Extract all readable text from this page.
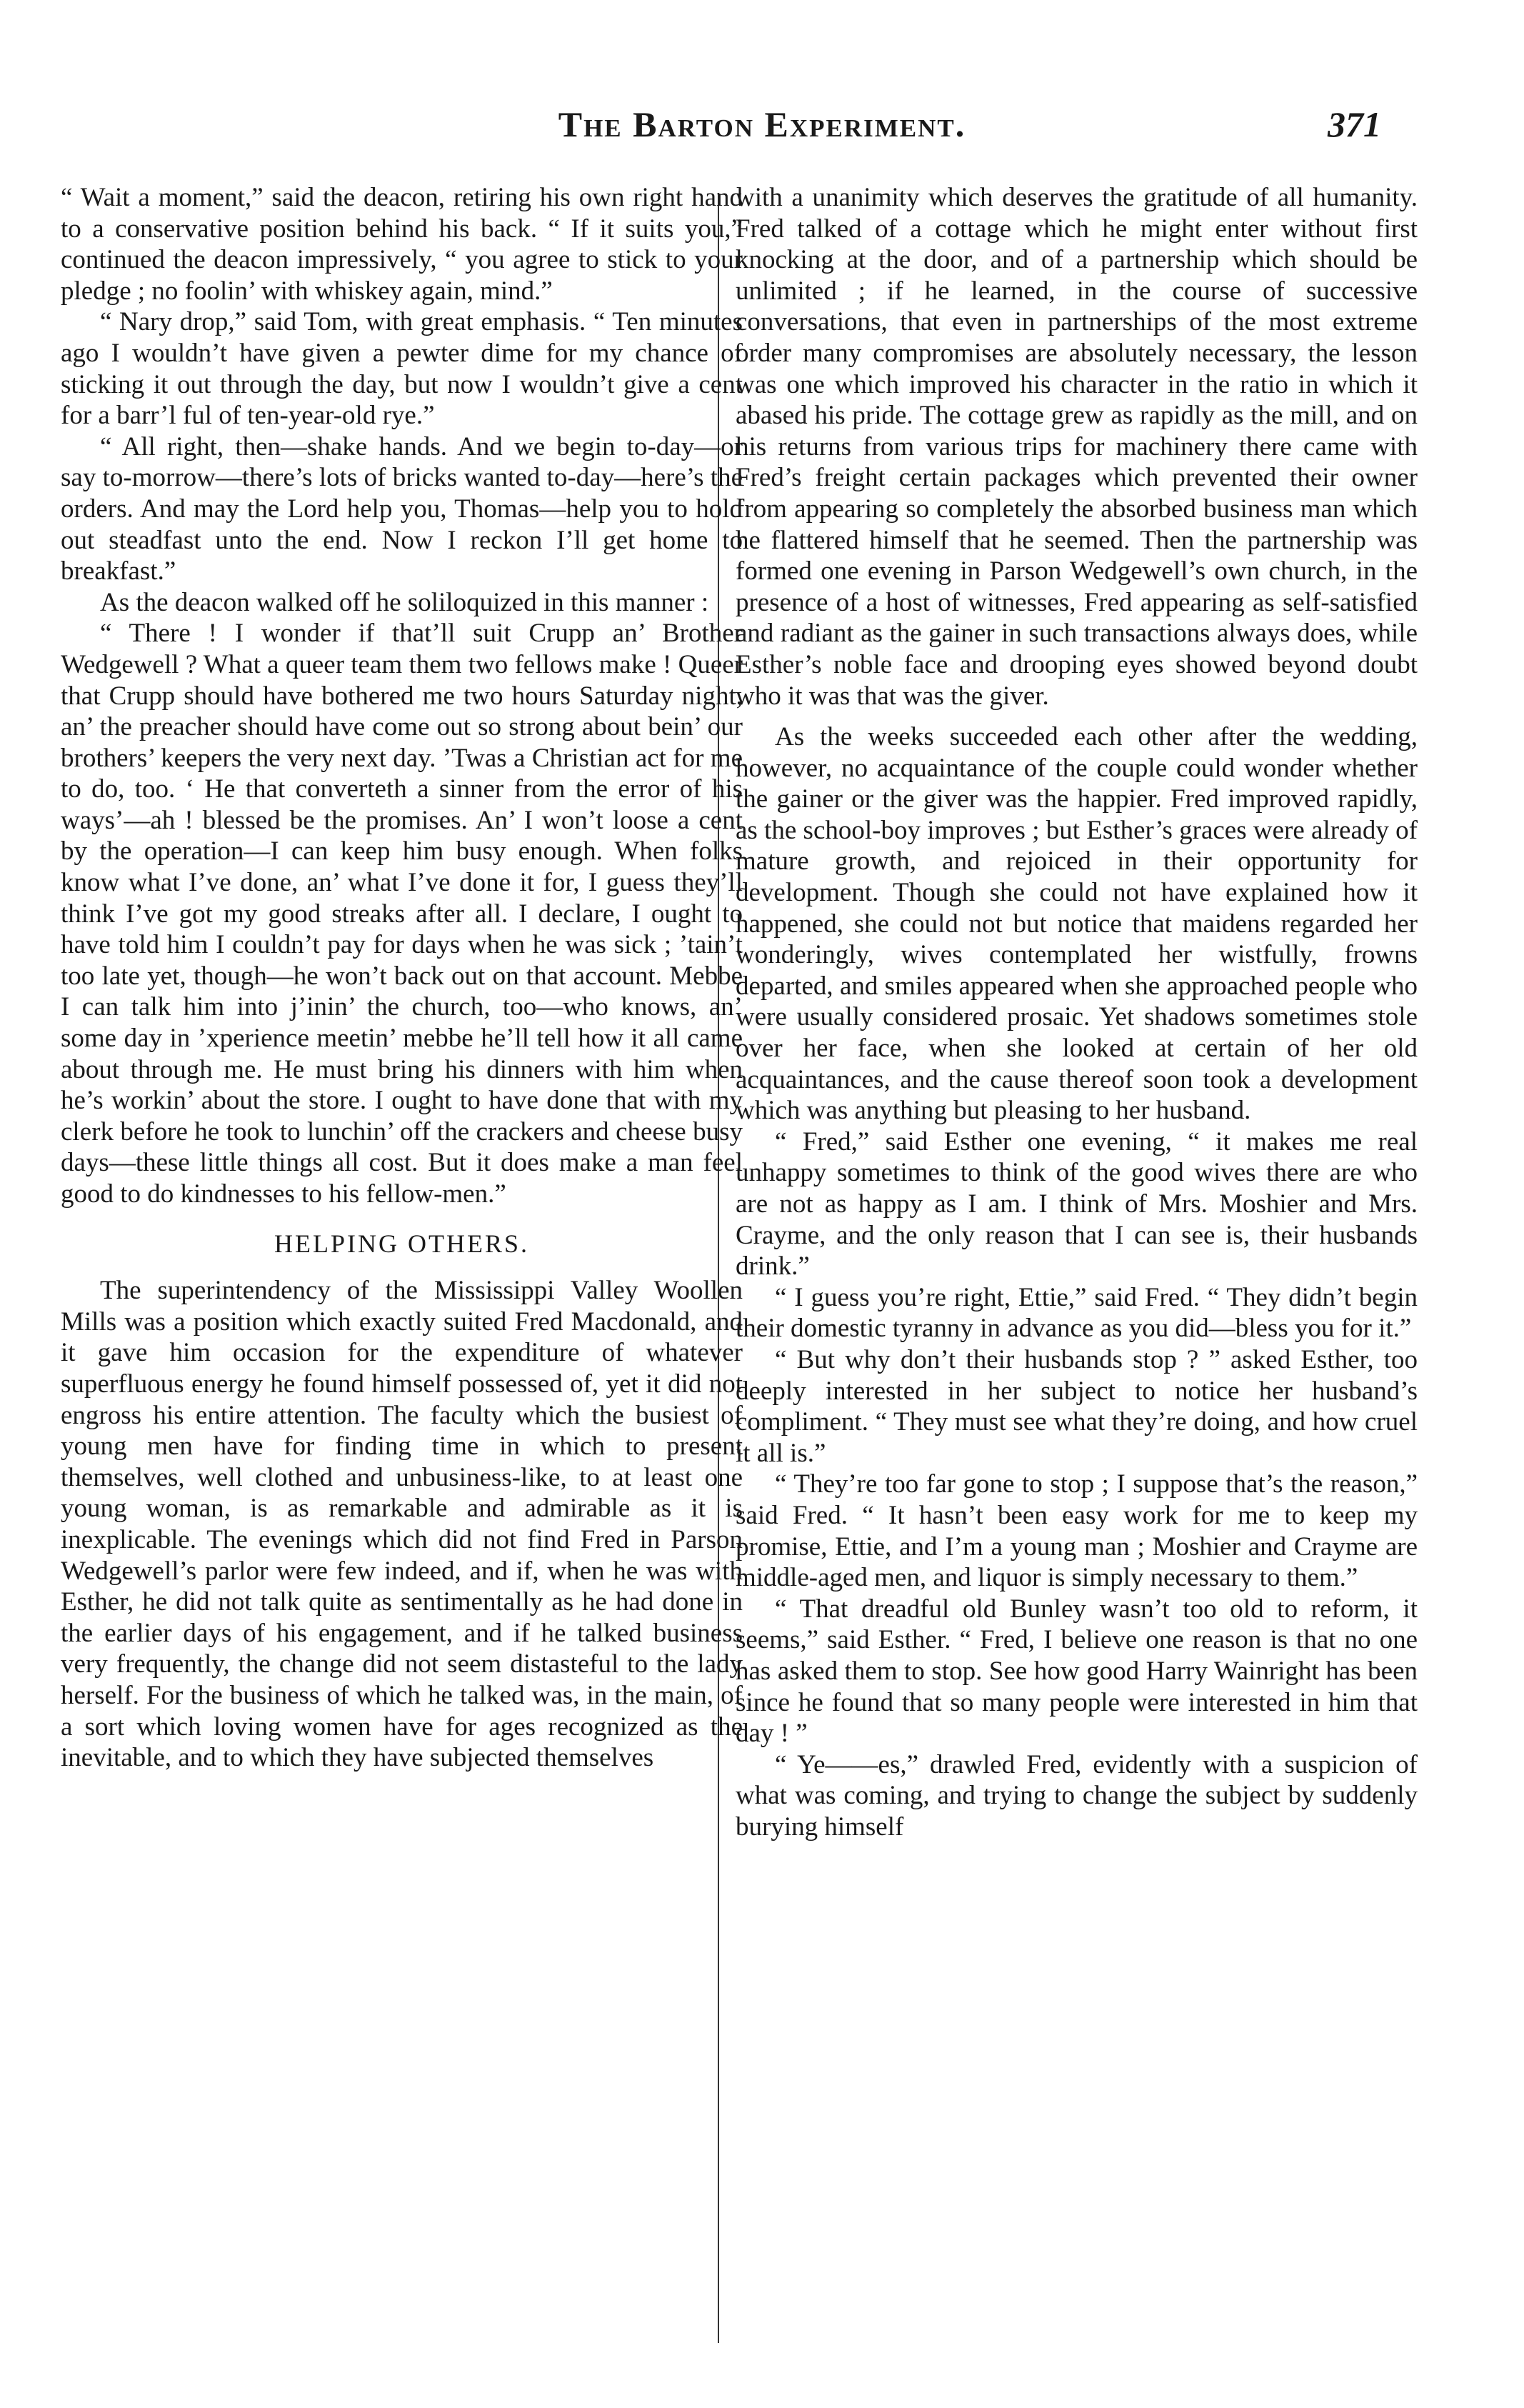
The Barton Experiment.	371

“ Wait a moment,” said the deacon, retiring his own right hand to a conservative position behind his back. “ If it suits you,” continued the deacon impressively, “ you agree to stick to your pledge ; no foolin’ with whiskey again, mind.”

“ Nary drop,” said Tom, with great emphasis. “ Ten minutes ago I wouldn’t have given a pewter dime for my chance of sticking it out through the day, but now I wouldn’t give a cent for a barr’l ful of ten-year-old rye.”

“ All right, then—shake hands. And we begin to-day—or say to-morrow—there’s lots of bricks wanted to-day—here’s the orders. And may the Lord help you, Thomas—help you to hold out steadfast unto the end. Now I reckon I’ll get home to breakfast.”

As the deacon walked off he soliloquized in this manner :

“ There ! I wonder if that’ll suit Crupp an’ Brother Wedgewell ? What a queer team them two fellows make ! Queer that Crupp should have bothered me two hours Saturday night, an’ the preacher should have come out so strong about bein’ our brothers’ keepers the very next day. ’Twas a Christian act for me to do, too. ‘ He that converteth a sinner from the error of his ways’—ah ! blessed be the promises. An’ I won’t loose a cent by the operation—I can keep him busy enough. When folks know what I’ve done, an’ what I’ve done it for, I guess they’ll think I’ve got my good streaks after all. I declare, I ought to have told him I couldn’t pay for days when he was sick ; ’tain’t too late yet, though—he won’t back out on that account. Mebbe I can talk him into j’inin’ the church, too—who knows, an’ some day in ’xperience meetin’ mebbe he’ll tell how it all came about through me. He must bring his dinners with him when he’s workin’ about the store. I ought to have done that with my clerk before he took to lunchin’ off the crackers and cheese busy days—these little things all cost. But it does make a man feel good to do kindnesses to his fellow-men.”

HELPING OTHERS.

The superintendency of the Mississippi Valley Woollen Mills was a position which exactly suited Fred Macdonald, and it gave him occasion for the expenditure of whatever superfluous energy he found himself possessed of, yet it did not engross his entire attention. The faculty which the busiest of young men have for finding time in which to present themselves, well clothed and unbusiness-like, to at least one young woman, is as remarkable and admirable as it is inexplicable. The evenings which did not find Fred in Parson Wedgewell’s parlor were few indeed, and if, when he was with Esther, he did not talk quite as sentimentally as he had done in the earlier days of his engagement, and if he talked business very frequently, the change did not seem distasteful to the lady herself. For the business of which he talked was, in the main, of a sort which loving women have for ages recognized as the inevitable, and to which they have subjected themselves

with a unanimity which deserves the gratitude of all humanity. Fred talked of a cottage which he might enter without first knocking at the door, and of a partnership which should be unlimited ; if he learned, in the course of successive conversations, that even in partnerships of the most extreme order many compromises are absolutely necessary, the lesson was one which improved his character in the ratio in which it abased his pride. The cottage grew as rapidly as the mill, and on his returns from various trips for machinery there came with Fred’s freight certain packages which prevented their owner from appearing so completely the absorbed business man which he flattered himself that he seemed. Then the partnership was formed one evening in Parson Wedgewell’s own church, in the presence of a host of witnesses, Fred appearing as self-satisfied and radiant as the gainer in such transactions always does, while Esther’s noble face and drooping eyes showed beyond doubt who it was that was the giver.

As the weeks succeeded each other after the wedding, however, no acquaintance of the couple could wonder whether the gainer or the giver was the happier. Fred improved rapidly, as the school-boy improves ; but Esther’s graces were already of mature growth, and rejoiced in their opportunity for development. Though she could not have explained how it happened, she could not but notice that maidens regarded her wonderingly, wives contemplated her wistfully, frowns departed, and smiles appeared when she approached people who were usually considered prosaic. Yet shadows sometimes stole over her face, when she looked at certain of her old acquaintances, and the cause thereof soon took a development which was anything but pleasing to her husband.

“ Fred,” said Esther one evening, “ it makes me real unhappy sometimes to think of the good wives there are who are not as happy as I am. I think of Mrs. Moshier and Mrs. Crayme, and the only reason that I can see is, their husbands drink.”

“ I guess you’re right, Ettie,” said Fred. “ They didn’t begin their domestic tyranny in advance as you did—bless you for it.”

“ But why don’t their husbands stop ? ” asked Esther, too deeply interested in her subject to notice her husband’s compliment. “ They must see what they’re doing, and how cruel it all is.”

“ They’re too far gone to stop ; I suppose that’s the reason,” said Fred. “ It hasn’t been easy work for me to keep my promise, Ettie, and I’m a young man ; Moshier and Crayme are middle-aged men, and liquor is simply necessary to them.”

“ That dreadful old Bunley wasn’t too old to reform, it seems,” said Esther. “ Fred, I believe one reason is that no one has asked them to stop. See how good Harry Wainright has been since he found that so many people were interested in him that day ! ”

“ Ye——es,” drawled Fred, evidently with a suspicion of what was coming, and trying to change the subject by suddenly burying himself
